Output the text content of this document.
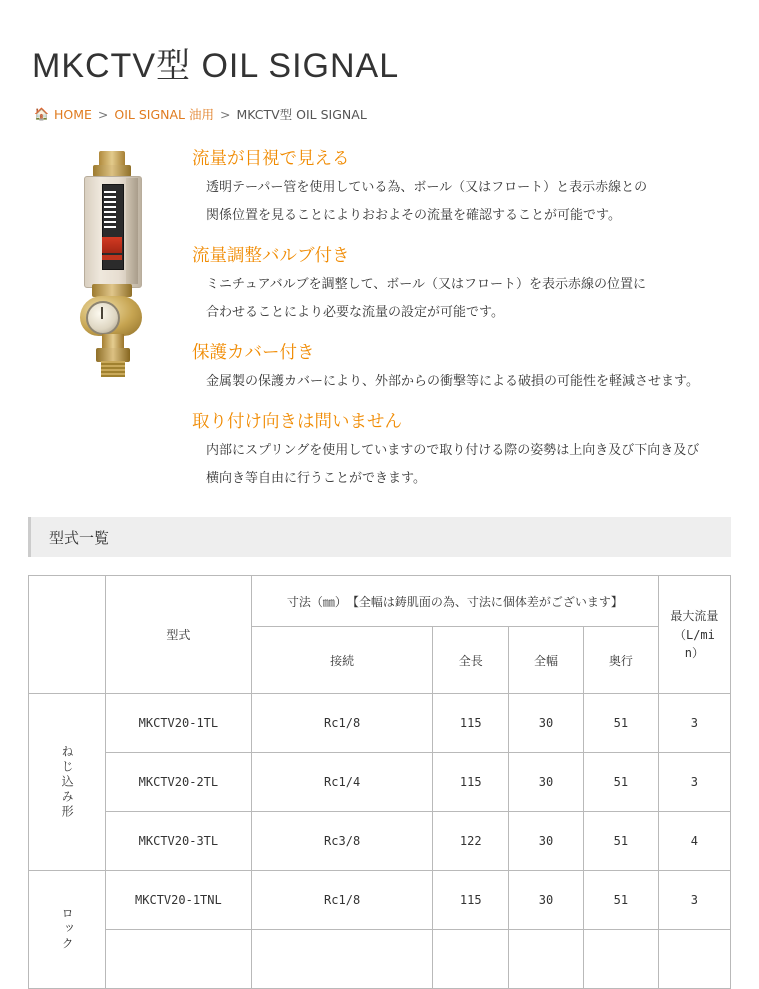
MKCTV型 OIL SIGNAL
🏠 HOME > OIL SIGNAL 油用 > MKCTV型 OIL SIGNAL
流量が目視で見える

透明テーパー管を使用している為、ボール（又はフロート）と表示赤線との

関係位置を見ることによりおおよその流量を確認することが可能です。

流量調整バルブ付き

ミニチュアバルブを調整して、ボール（又はフロート）を表示赤線の位置に

合わせることにより必要な流量の設定が可能です。

保護カバー付き

金属製の保護カバーにより、外部からの衝撃等による破損の可能性を軽減させます。

取り付け向きは問いません

内部にスプリングを使用していますので取り付ける際の姿勢は上向き及び下向き及び

横向き等自由に行うことができます。

型式一覧
	型式	寸法（㎜）　【全幅は鋳肌面の為、寸法に個体差がございます】				最大流量
（L/mi
n）
		接続	全長	全幅	奥行	
ねじ込み形	MKCTV20-1TL	Rc1/8	115	30	51	3
	MKCTV20-2TL	Rc1/4	115	30	51	3
	MKCTV20-3TL	Rc3/8	122	30	51	4
ロック	MKCTV20-1TNL	Rc1/8	115	30	51	3
